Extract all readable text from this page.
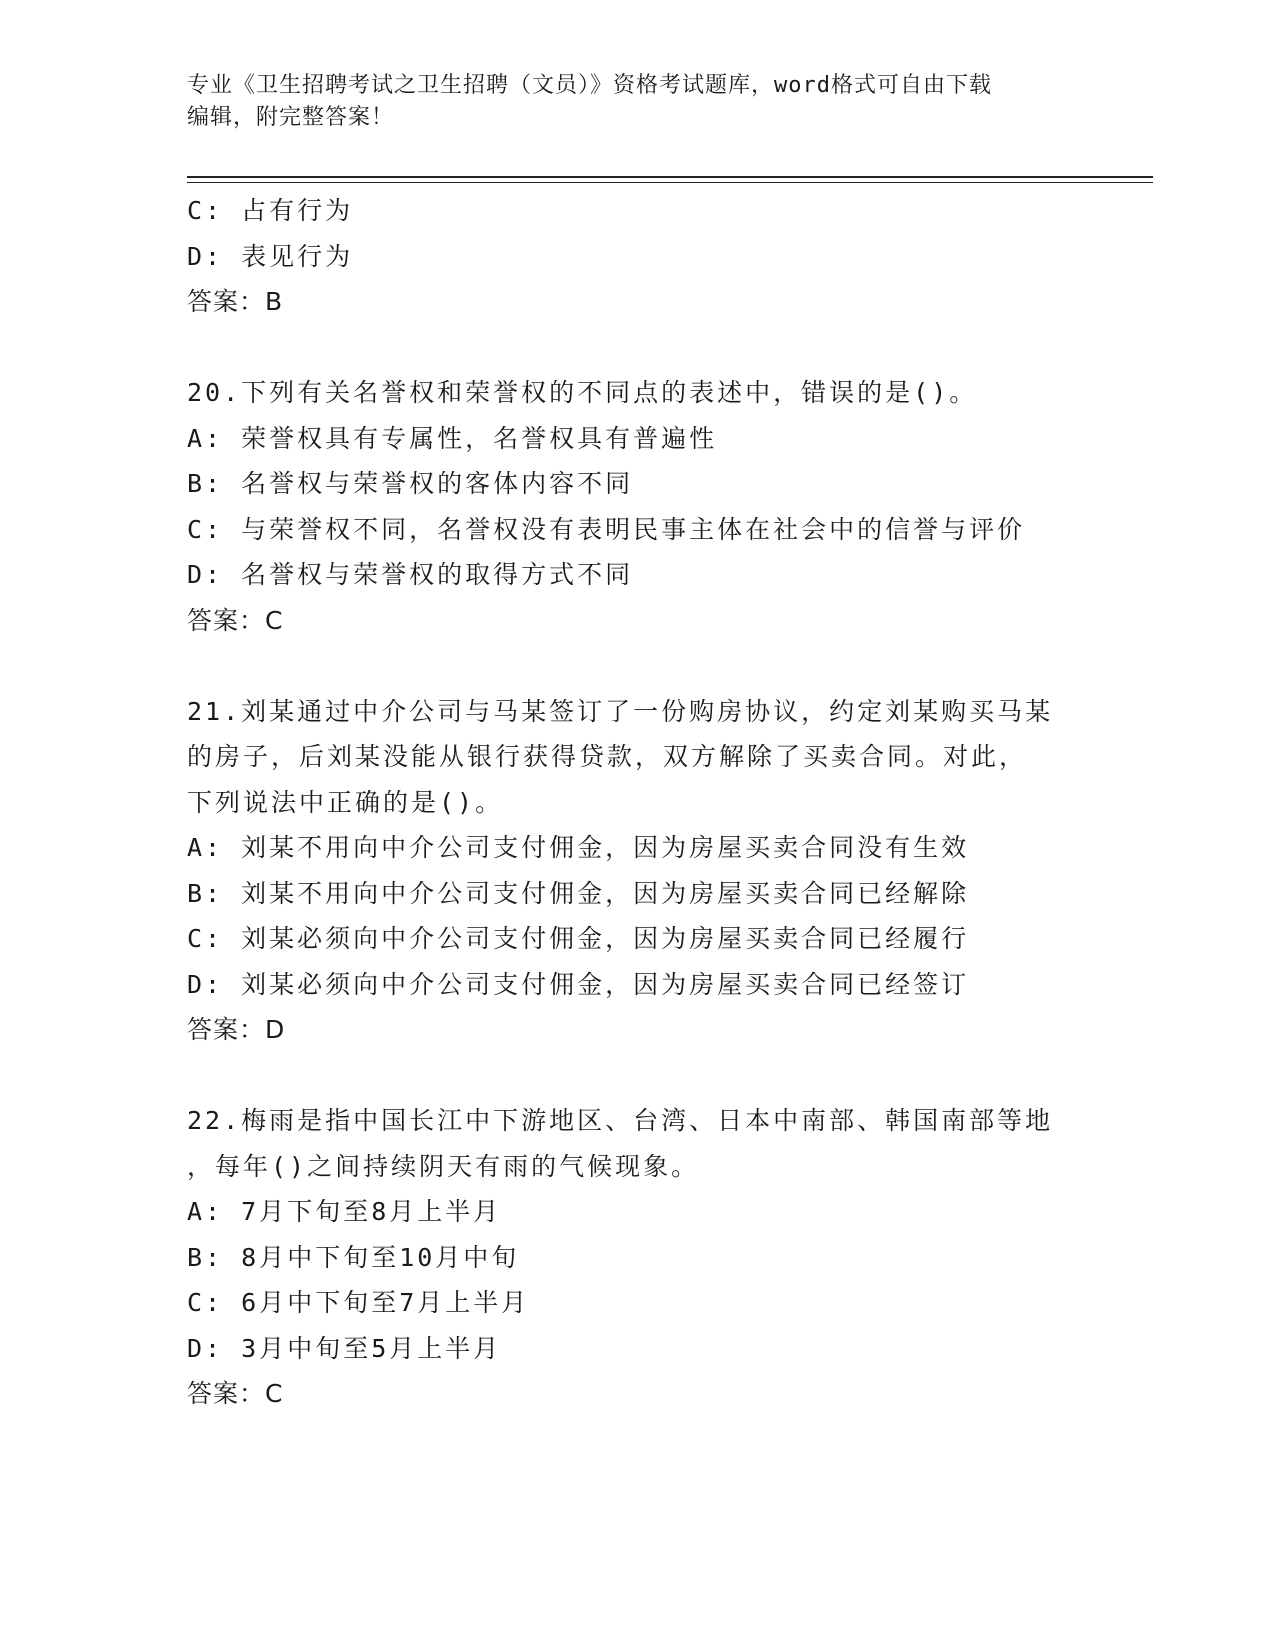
专业《卫生招聘考试之卫生招聘（文员）》资格考试题库，word格式可自由下载
编辑，附完整答案！
C: 占有行为
D: 表见行为
答案：B
20.下列有关名誉权和荣誉权的不同点的表述中，错误的是()。
A: 荣誉权具有专属性，名誉权具有普遍性
B: 名誉权与荣誉权的客体内容不同
C: 与荣誉权不同，名誉权没有表明民事主体在社会中的信誉与评价
D: 名誉权与荣誉权的取得方式不同
答案：C
21.刘某通过中介公司与马某签订了一份购房协议，约定刘某购买马某
的房子，后刘某没能从银行获得贷款，双方解除了买卖合同。对此，
下列说法中正确的是()。
A: 刘某不用向中介公司支付佣金，因为房屋买卖合同没有生效
B: 刘某不用向中介公司支付佣金，因为房屋买卖合同已经解除
C: 刘某必须向中介公司支付佣金，因为房屋买卖合同已经履行
D: 刘某必须向中介公司支付佣金，因为房屋买卖合同已经签订
答案：D
22.梅雨是指中国长江中下游地区、台湾、日本中南部、韩国南部等地
，每年()之间持续阴天有雨的气候现象。
A: 7月下旬至8月上半月
B: 8月中下旬至10月中旬
C: 6月中下旬至7月上半月
D: 3月中旬至5月上半月
答案：C
